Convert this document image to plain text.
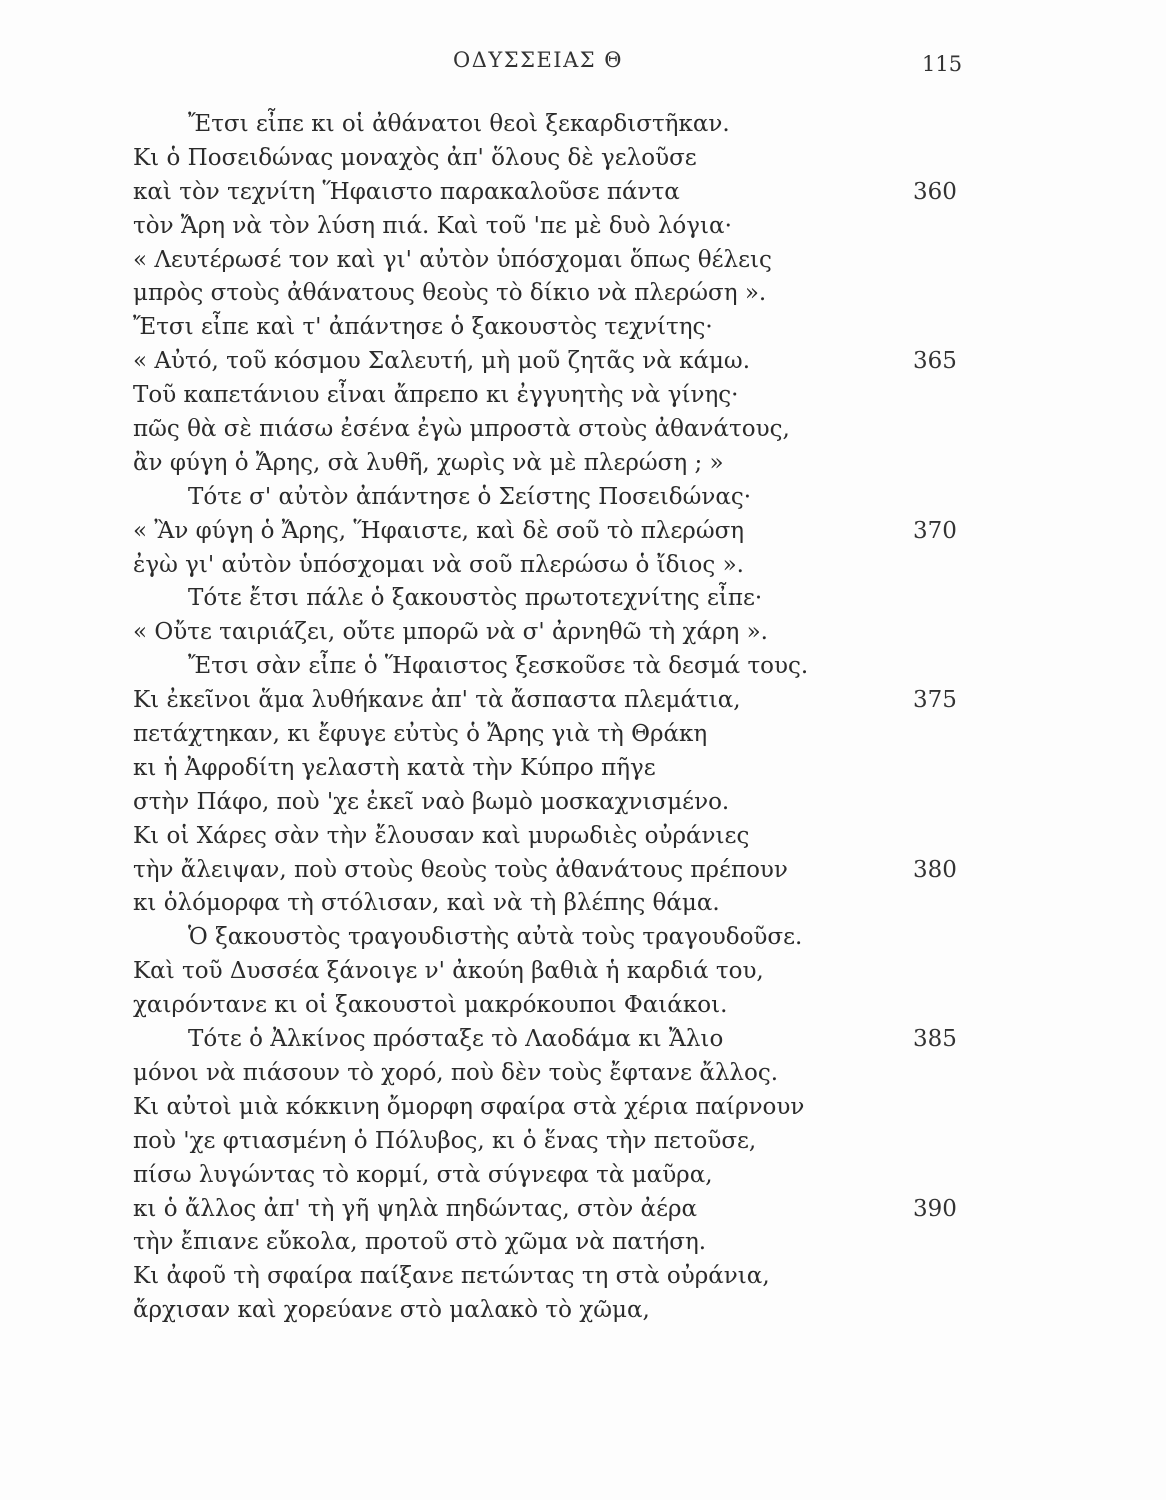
ΟΔΥΣΣΕΙΑΣ Θ	115
Ἔτσι εἶπε κι οἱ ἀθάνατοι θεοὶ ξεκαρδιστῆκαν.
Κι ὁ Ποσειδώνας μοναχὸς ἀπ' ὅλους δὲ γελοῦσε
καὶ τὸν τεχνίτη Ἥφαιστο παρακαλοῦσε πάντα	360
τὸν Ἄρη νὰ τὸν λύση πιά. Καὶ τοῦ 'πε μὲ δυὸ λόγια·
« Λευτέρωσέ τον καὶ γι' αὐτὸν ὑπόσχομαι ὅπως θέλεις
μπρὸς στοὺς ἀθάνατους θεοὺς τὸ δίκιο νὰ πλερώση ».
Ἔτσι εἶπε καὶ τ' ἀπάντησε ὁ ξακουστὸς τεχνίτης·
« Αὐτό, τοῦ κόσμου Σαλευτή, μὴ μοῦ ζητᾶς νὰ κάμω.	365
Τοῦ καπετάνιου εἶναι ἄπρεπο κι ἐγγυητὴς νὰ γίνης·
πῶς θὰ σὲ πιάσω ἐσένα ἐγὼ μπροστὰ στοὺς ἀθανάτους,
ἂν φύγη ὁ Ἄρης, σὰ λυθῆ, χωρὶς νὰ μὲ πλερώση ; »
Τότε σ' αὐτὸν ἀπάντησε ὁ Σείστης Ποσειδώνας·
« Ἂν φύγη ὁ Ἄρης, Ἥφαιστε, καὶ δὲ σοῦ τὸ πλερώση	370
ἐγὼ γι' αὐτὸν ὑπόσχομαι νὰ σοῦ πλερώσω ὁ ἴδιος ».
Τότε ἔτσι πάλε ὁ ξακουστὸς πρωτοτεχνίτης εἶπε·
« Οὔτε ταιριάζει, οὔτε μπορῶ νὰ σ' ἀρνηθῶ τὴ χάρη ».
Ἔτσι σὰν εἶπε ὁ Ἥφαιστος ξεσκοῦσε τὰ δεσμά τους.
Κι ἐκεῖνοι ἅμα λυθήκανε ἀπ' τὰ ἄσπαστα πλεμάτια,	375
πετάχτηκαν, κι ἔφυγε εὐτὺς ὁ Ἄρης γιὰ τὴ Θράκη
κι ἡ Ἀφροδίτη γελαστὴ κατὰ τὴν Κύπρο πῆγε
στὴν Πάφο, ποὺ 'χε ἐκεῖ ναὸ βωμὸ μοσκαχνισμένο.
Κι οἱ Χάρες σὰν τὴν ἔλουσαν καὶ μυρωδιὲς οὐράνιες
τὴν ἄλειψαν, ποὺ στοὺς θεοὺς τοὺς ἀθανάτους πρέπουν	380
κι ὁλόμορφα τὴ στόλισαν, καὶ νὰ τὴ βλέπης θάμα.
Ὁ ξακουστὸς τραγουδιστὴς αὐτὰ τοὺς τραγουδοῦσε.
Καὶ τοῦ Δυσσέα ξάνοιγε ν' ἀκούη βαθιὰ ἡ καρδιά του,
χαιρόντανε κι οἱ ξακουστοὶ μακρόκουποι Φαιάκοι.
Τότε ὁ Ἀλκίνος πρόσταξε τὸ Λαοδάμα κι Ἄλιο	385
μόνοι νὰ πιάσουν τὸ χορό, ποὺ δὲν τοὺς ἔφτανε ἄλλος.
Κι αὐτοὶ μιὰ κόκκινη ὄμορφη σφαίρα στὰ χέρια παίρνουν
ποὺ 'χε φτιασμένη ὁ Πόλυβος, κι ὁ ἕνας τὴν πετοῦσε,
πίσω λυγώντας τὸ κορμί, στὰ σύγνεφα τὰ μαῦρα,
κι ὁ ἄλλος ἀπ' τὴ γῆ ψηλὰ πηδώντας, στὸν ἀέρα	390
τὴν ἔπιανε εὔκολα, προτοῦ στὸ χῶμα νὰ πατήση.
Κι ἀφοῦ τὴ σφαίρα παίξανε πετώντας τη στὰ οὐράνια,
ἄρχισαν καὶ χορεύανε στὸ μαλακὸ τὸ χῶμα,
